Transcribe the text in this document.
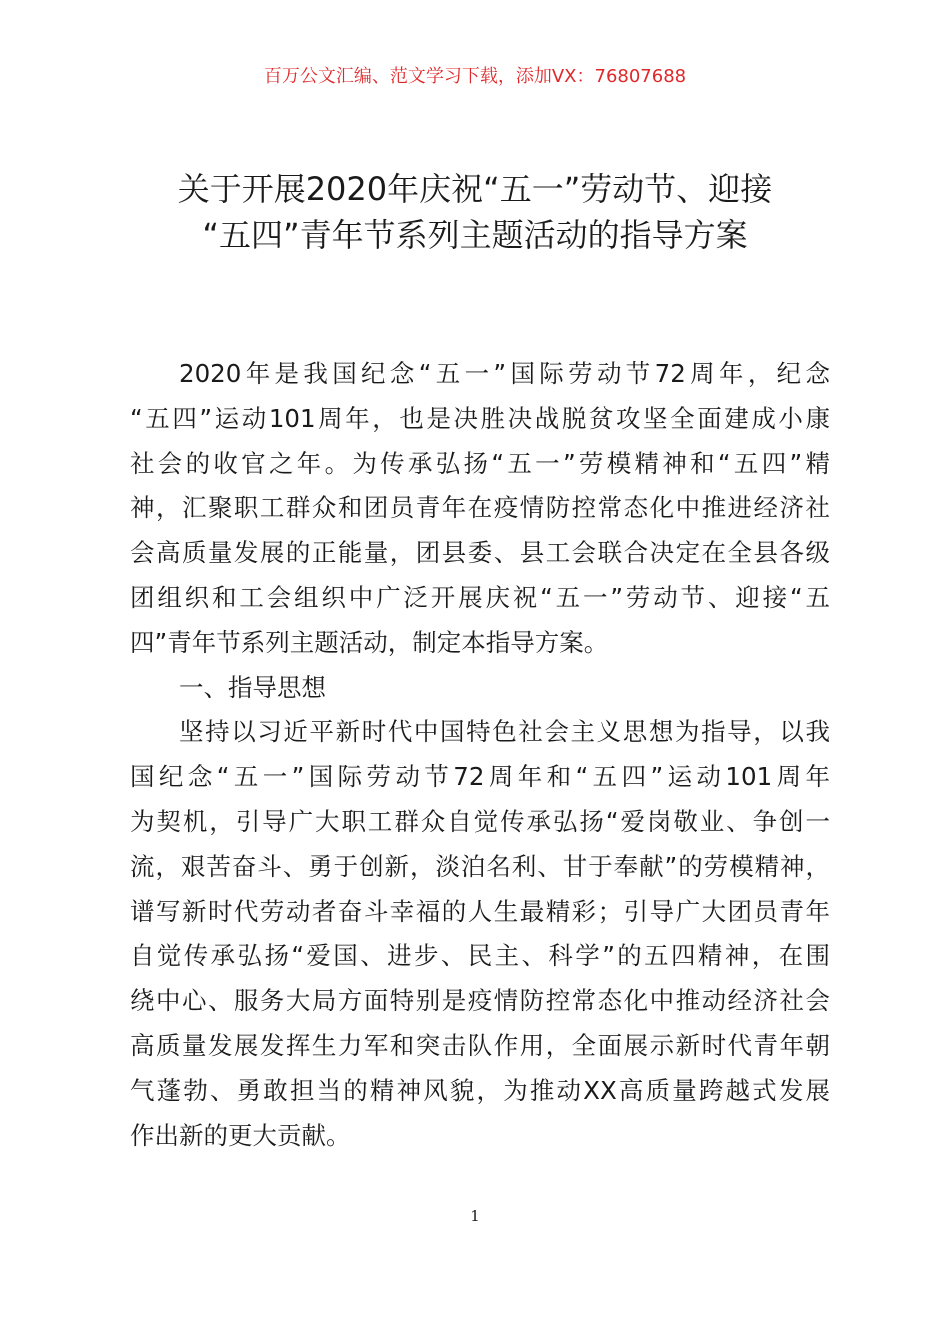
百万公文汇编、范文学习下载，添加VX：76807688
关于开展2020年庆祝“五一”劳动节、迎接
“五四”青年节系列主题活动的指导方案
2020年是我国纪念“五一”国际劳动节72周年，纪念
“五四”运动101周年，也是决胜决战脱贫攻坚全面建成小康
社会的收官之年。为传承弘扬“五一”劳模精神和“五四”精
神，汇聚职工群众和团员青年在疫情防控常态化中推进经济社
会高质量发展的正能量，团县委、县工会联合决定在全县各级
团组织和工会组织中广泛开展庆祝“五一”劳动节、迎接“五
四”青年节系列主题活动，制定本指导方案。
一、指导思想
坚持以习近平新时代中国特色社会主义思想为指导，以我
国纪念“五一”国际劳动节72周年和“五四”运动101周年
为契机，引导广大职工群众自觉传承弘扬“爱岗敬业、争创一
流，艰苦奋斗、勇于创新，淡泊名利、甘于奉献”的劳模精神，
谱写新时代劳动者奋斗幸福的人生最精彩；引导广大团员青年
自觉传承弘扬“爱国、进步、民主、科学”的五四精神，在围
绕中心、服务大局方面特别是疫情防控常态化中推动经济社会
高质量发展发挥生力军和突击队作用，全面展示新时代青年朝
气蓬勃、勇敢担当的精神风貌，为推动XX高质量跨越式发展
作出新的更大贡献。
1
